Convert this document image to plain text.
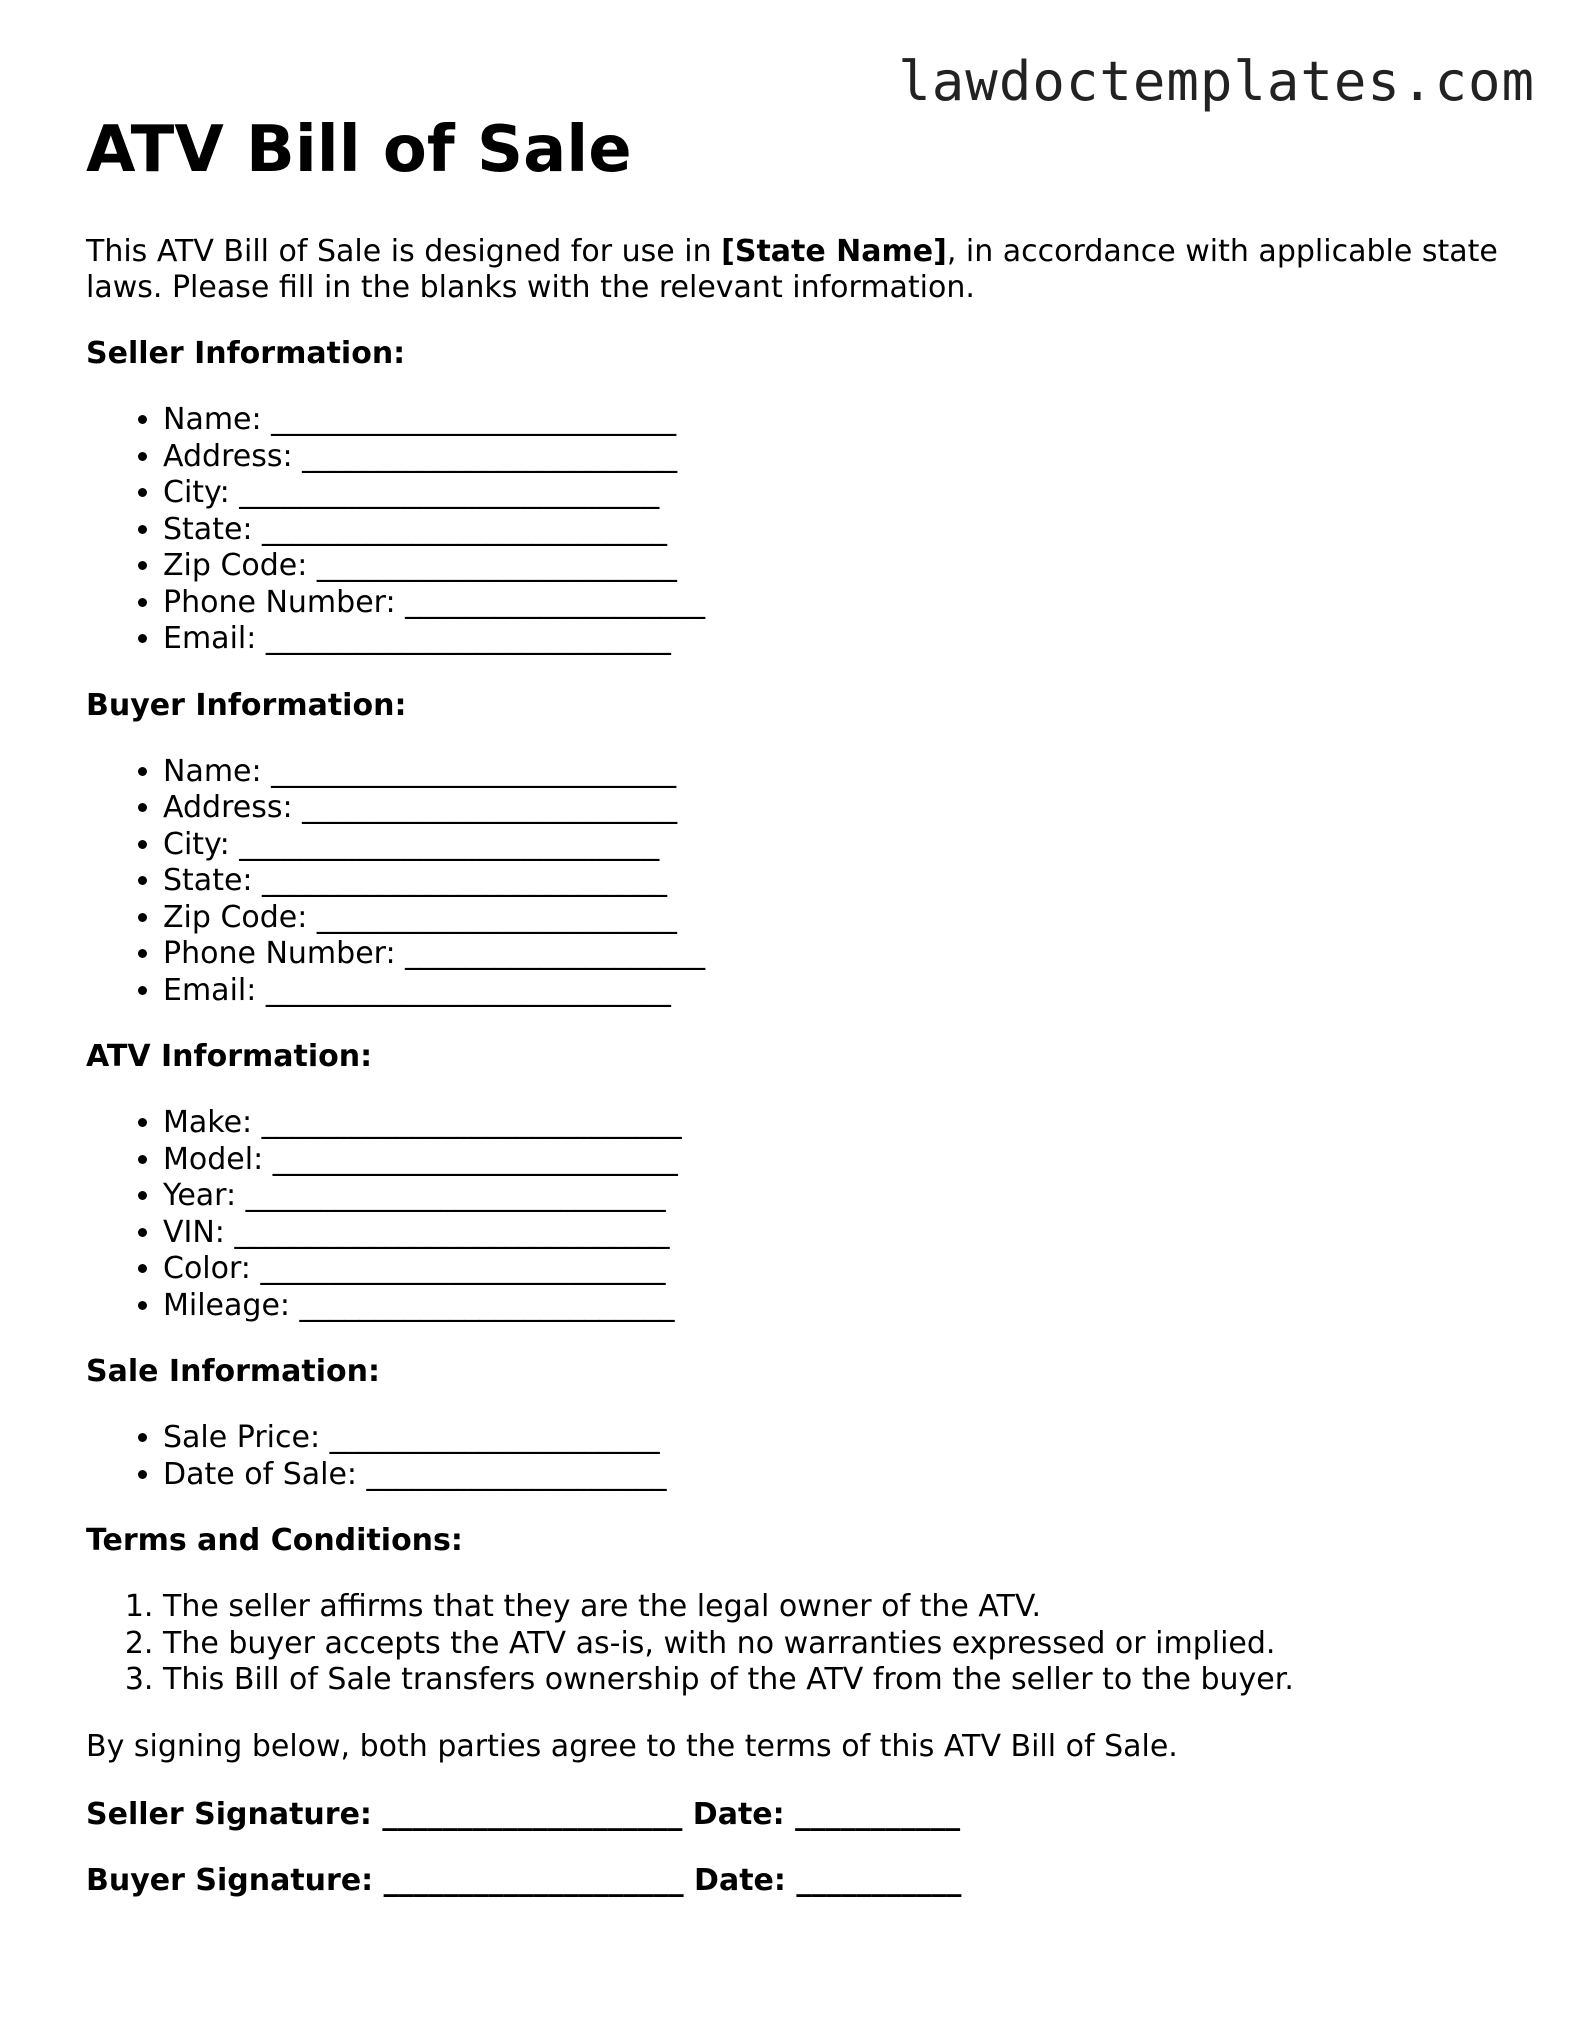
lawdoctemplates.com
ATV Bill of Sale

This ATV Bill of Sale is designed for use in [State Name], in accordance with applicable state laws. Please fill in the blanks with the relevant information.

Seller Information:
• Name: ___________________________
• Address: _________________________
• City: ____________________________
• State: ___________________________
• Zip Code: ________________________
• Phone Number: ____________________
• Email: ___________________________
Buyer Information:
• Name: ___________________________
• Address: _________________________
• City: ____________________________
• State: ___________________________
• Zip Code: ________________________
• Phone Number: ____________________
• Email: ___________________________
ATV Information:
• Make: ____________________________
• Model: ___________________________
• Year: ____________________________
• VIN: _____________________________
• Color: ___________________________
• Mileage: _________________________
Sale Information:
• Sale Price: ______________________
• Date of Sale: ____________________
Terms and Conditions:
1. The seller affirms that they are the legal owner of the ATV.
2. The buyer accepts the ATV as-is, with no warranties expressed or implied.
3. This Bill of Sale transfers ownership of the ATV from the seller to the buyer.

By signing below, both parties agree to the terms of this ATV Bill of Sale.

Seller Signature: ____________________ Date: ___________
Buyer Signature: ____________________ Date: ___________
